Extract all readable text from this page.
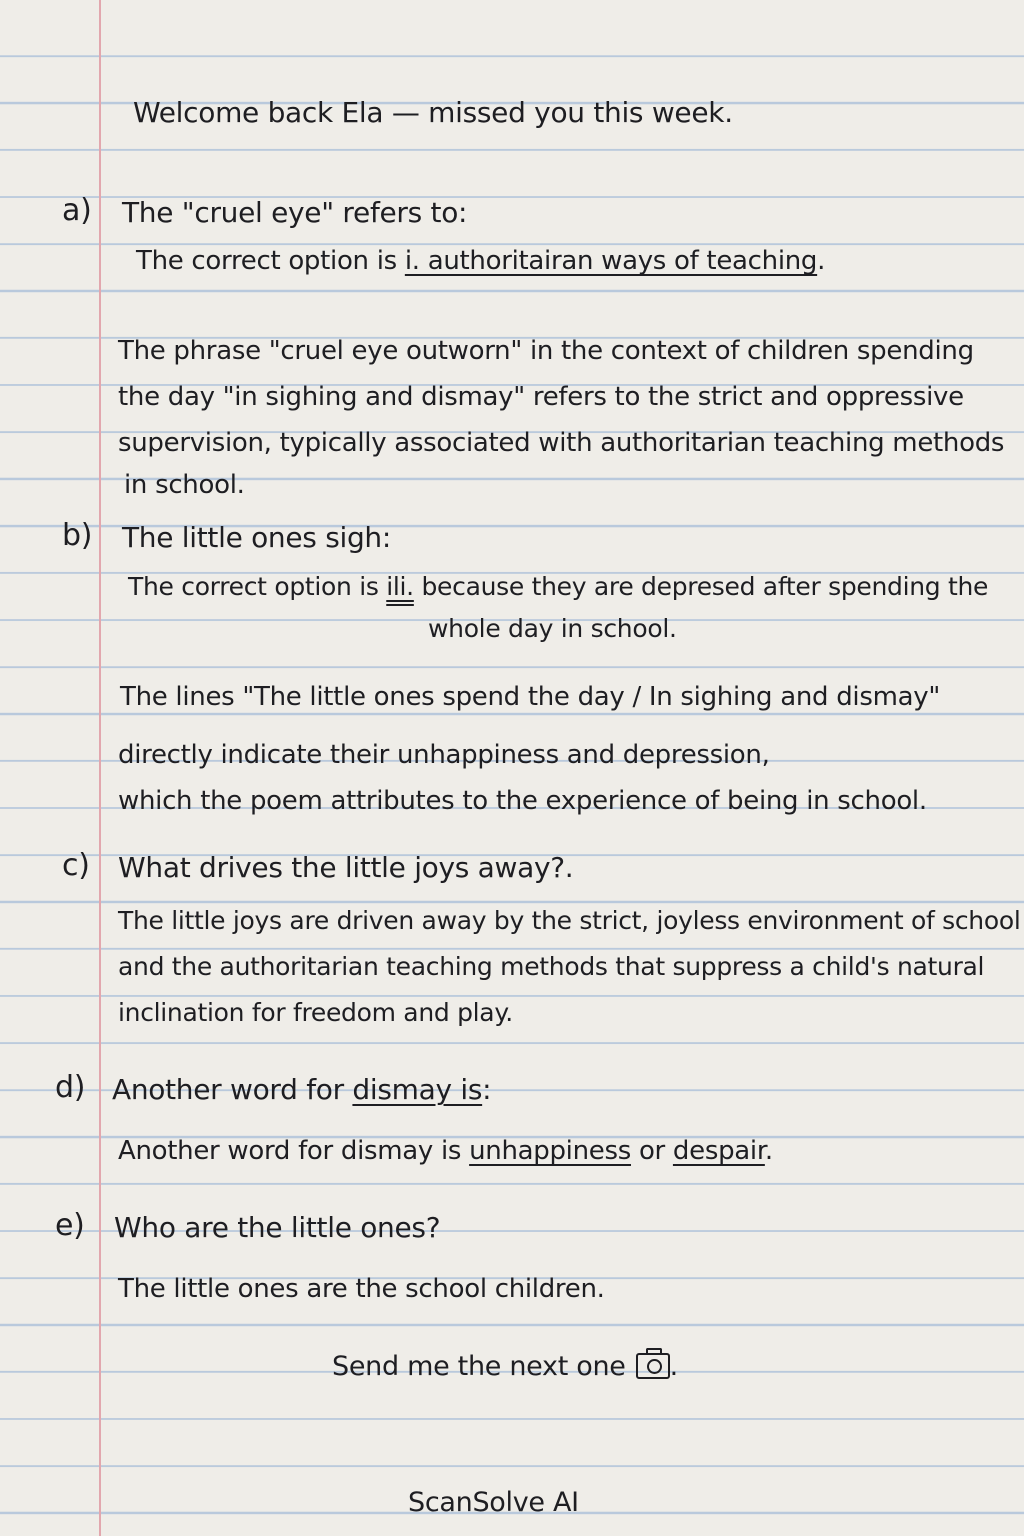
Welcome back Ela — missed you this week.

a) The "cruel eye" refers to:

The correct option is i. authoritairan ways of teaching.

The phrase "cruel eye outworn" in the context of children spending

the day "in sighing and dismay" refers to the strict and oppressive

supervision, typically associated with authoritarian teaching methods

in school.

b) The little ones sigh:

The correct option is ili. because they are depresed after spending the

whole day in school.

The lines "The little ones spend the day / In sighing and dismay"

directly indicate their unhappiness and depression,

which the poem attributes to the experience of being in school.

c) What drives the little joys away?.

The little joys are driven away by the strict, joyless environment of school

and the authoritarian teaching methods that suppress a child's natural

inclination for freedom and play.

d) Another word for dismay is:

Another word for dismay is unhappiness or despair.

e) Who are the little ones?

The little ones are the school children.

Send me the next one .

ScanSolve AI
